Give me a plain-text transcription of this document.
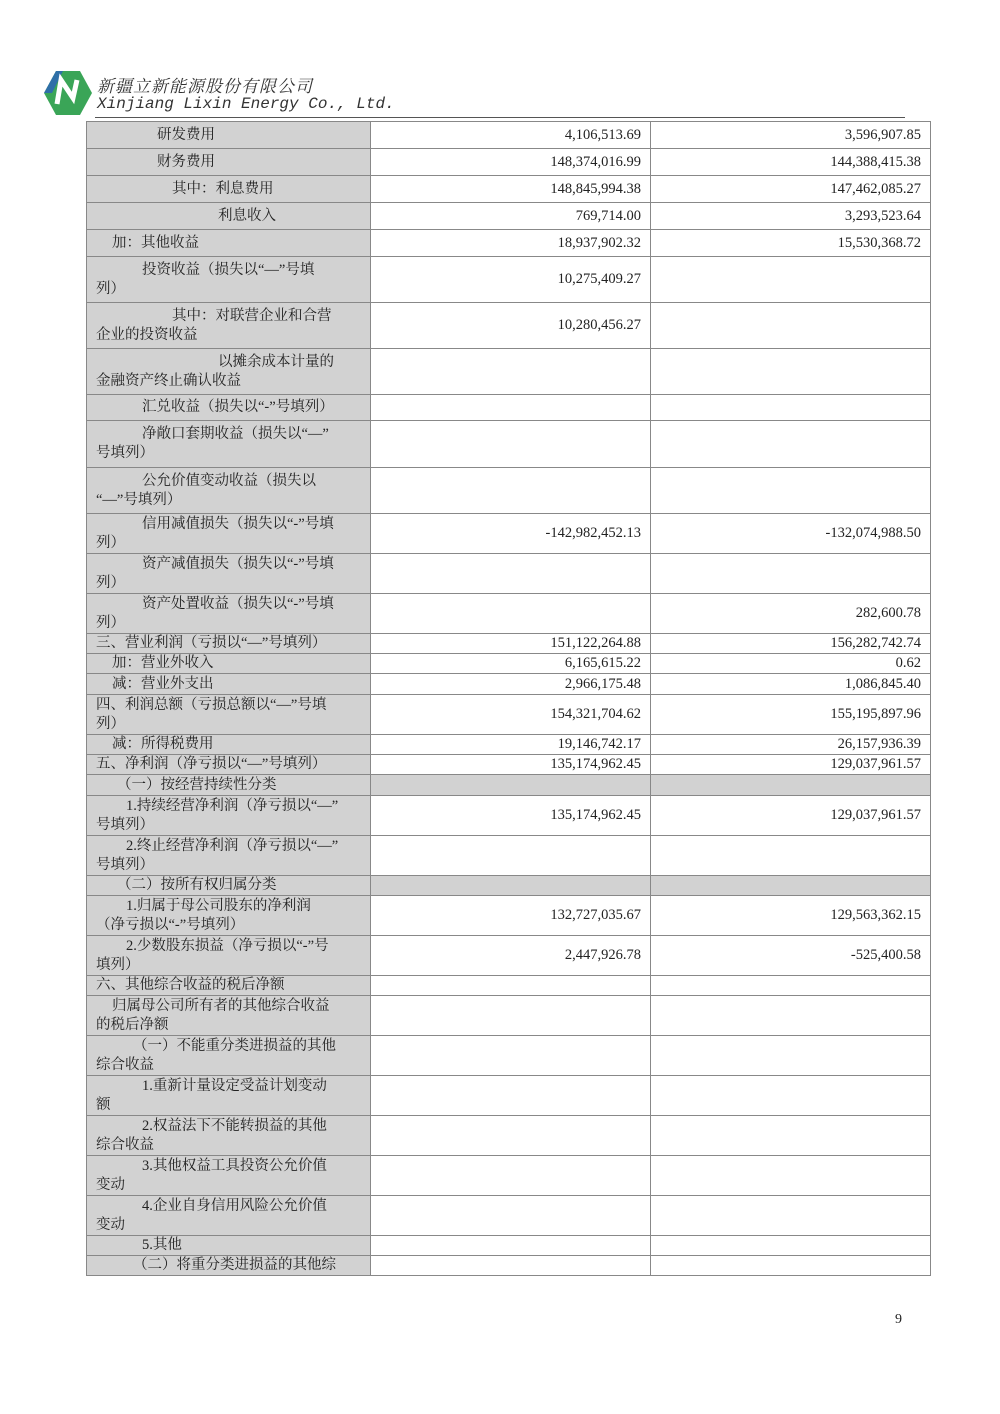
新疆立新能源股份有限公司
Xinjiang Lixin Energy Co., Ltd.
研发费用	4,106,513.69	3,596,907.85
财务费用	148,374,016.99	144,388,415.38
其中：利息费用	148,845,994.38	147,462,085.27
利息收入	769,714.00	3,293,523.64
加：其他收益	18,937,902.32	15,530,368.72
投资收益（损失以“—”号填
列）	10,275,409.27	
其中：对联营企业和合营
企业的投资收益	10,280,456.27	
以摊余成本计量的
金融资产终止确认收益		
汇兑收益（损失以“-”号填列）		
净敞口套期收益（损失以“—”
号填列）		
公允价值变动收益（损失以
“—”号填列）		
信用减值损失（损失以“-”号填
列）	-142,982,452.13	-132,074,988.50
资产减值损失（损失以“-”号填
列）		
资产处置收益（损失以“-”号填
列）		282,600.78
三、营业利润（亏损以“—”号填列）	151,122,264.88	156,282,742.74
加：营业外收入	6,165,615.22	0.62
减：营业外支出	2,966,175.48	1,086,845.40
四、利润总额（亏损总额以“—”号填
列）	154,321,704.62	155,195,897.96
减：所得税费用	19,146,742.17	26,157,936.39
五、净利润（净亏损以“—”号填列）	135,174,962.45	129,037,961.57
（一）按经营持续性分类		
1.持续经营净利润（净亏损以“—”
号填列）	135,174,962.45	129,037,961.57
2.终止经营净利润（净亏损以“—”
号填列）		
（二）按所有权归属分类		
1.归属于母公司股东的净利润
（净亏损以“-”号填列）	132,727,035.67	129,563,362.15
2.少数股东损益（净亏损以“-”号
填列）	2,447,926.78	-525,400.58
六、其他综合收益的税后净额		
归属母公司所有者的其他综合收益
的税后净额		
（一）不能重分类进损益的其他
综合收益		
1.重新计量设定受益计划变动
额		
2.权益法下不能转损益的其他
综合收益		
3.其他权益工具投资公允价值
变动		
4.企业自身信用风险公允价值
变动		
5.其他		
（二）将重分类进损益的其他综		
9
